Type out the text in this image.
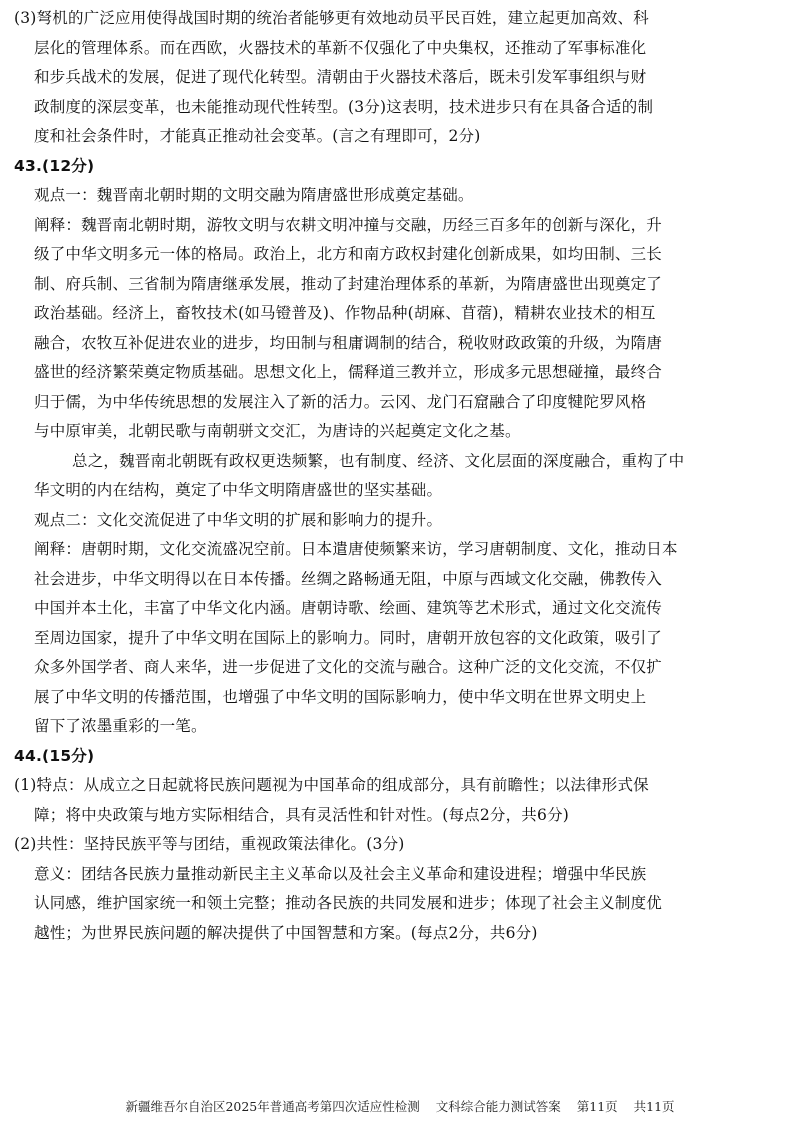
(3)弩机的广泛应用使得战国时期的统治者能够更有效地动员平民百姓，建立起更加高效、科
层化的管理体系。而在西欧，火器技术的革新不仅强化了中央集权，还推动了军事标准化
和步兵战术的发展，促进了现代化转型。清朝由于火器技术落后，既未引发军事组织与财
政制度的深层变革，也未能推动现代性转型。(3分)这表明，技术进步只有在具备合适的制
度和社会条件时，才能真正推动社会变革。(言之有理即可，2分)
43.(12分)
观点一：魏晋南北朝时期的文明交融为隋唐盛世形成奠定基础。
阐释：魏晋南北朝时期，游牧文明与农耕文明冲撞与交融，历经三百多年的创新与深化，升
级了中华文明多元一体的格局。政治上，北方和南方政权封建化创新成果，如均田制、三长
制、府兵制、三省制为隋唐继承发展，推动了封建治理体系的革新，为隋唐盛世出现奠定了
政治基础。经济上，畜牧技术(如马镫普及)、作物品种(胡麻、苜蓿)，精耕农业技术的相互
融合，农牧互补促进农业的进步，均田制与租庸调制的结合，税收财政政策的升级，为隋唐
盛世的经济繁荣奠定物质基础。思想文化上，儒释道三教并立，形成多元思想碰撞，最终合
归于儒，为中华传统思想的发展注入了新的活力。云冈、龙门石窟融合了印度犍陀罗风格
与中原审美，北朝民歌与南朝骈文交汇，为唐诗的兴起奠定文化之基。
总之，魏晋南北朝既有政权更迭频繁，也有制度、经济、文化层面的深度融合，重构了中
华文明的内在结构，奠定了中华文明隋唐盛世的坚实基础。
观点二：文化交流促进了中华文明的扩展和影响力的提升。
阐释：唐朝时期，文化交流盛况空前。日本遣唐使频繁来访，学习唐朝制度、文化，推动日本
社会进步，中华文明得以在日本传播。丝绸之路畅通无阻，中原与西域文化交融，佛教传入
中国并本土化，丰富了中华文化内涵。唐朝诗歌、绘画、建筑等艺术形式，通过文化交流传
至周边国家，提升了中华文明在国际上的影响力。同时，唐朝开放包容的文化政策，吸引了
众多外国学者、商人来华，进一步促进了文化的交流与融合。这种广泛的文化交流，不仅扩
展了中华文明的传播范围，也增强了中华文明的国际影响力，使中华文明在世界文明史上
留下了浓墨重彩的一笔。
44.(15分)
(1)特点：从成立之日起就将民族问题视为中国革命的组成部分，具有前瞻性；以法律形式保
障；将中央政策与地方实际相结合，具有灵活性和针对性。(每点2分，共6分)
(2)共性：坚持民族平等与团结，重视政策法律化。(3分)
意义：团结各民族力量推动新民主主义革命以及社会主义革命和建设进程；增强中华民族
认同感，维护国家统一和领土完整；推动各民族的共同发展和进步；体现了社会主义制度优
越性；为世界民族问题的解决提供了中国智慧和方案。(每点2分，共6分)
新疆维吾尔自治区2025年普通高考第四次适应性检测 文科综合能力测试答案 第11页 共11页
